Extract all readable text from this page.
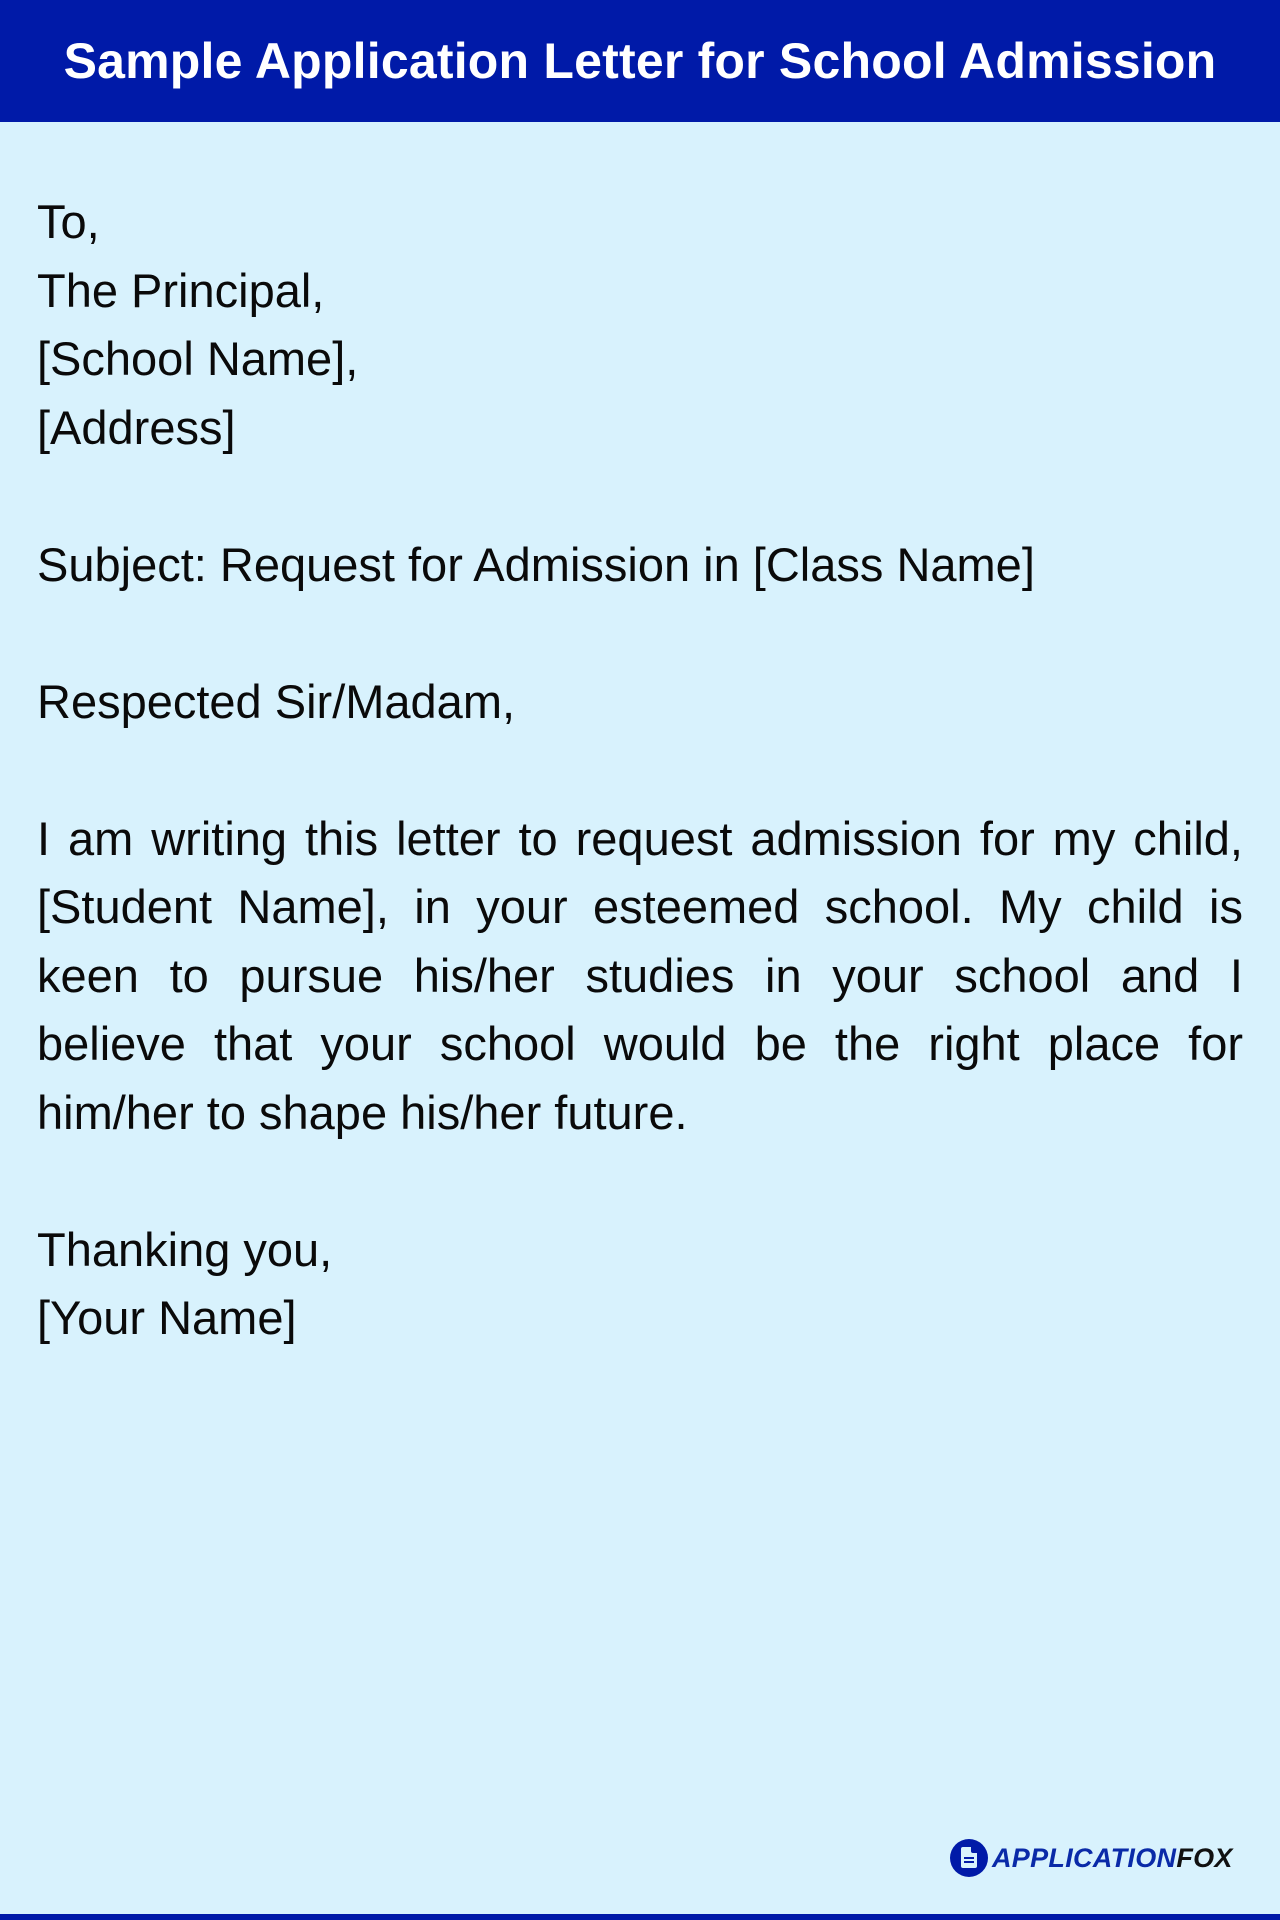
Sample Application Letter for School Admission

To,

The Principal,

[School Name],

[Address]

Subject: Request for Admission in [Class Name]

Respected Sir/Madam,

I am writing this letter to request admission for my child, [Student Name], in your esteemed school. My child is keen to pursue his/her studies in your school and I believe that your school would be the right place for him/her to shape his/her future.

Thanking you,

[Your Name]

APPLICATIONFOX
